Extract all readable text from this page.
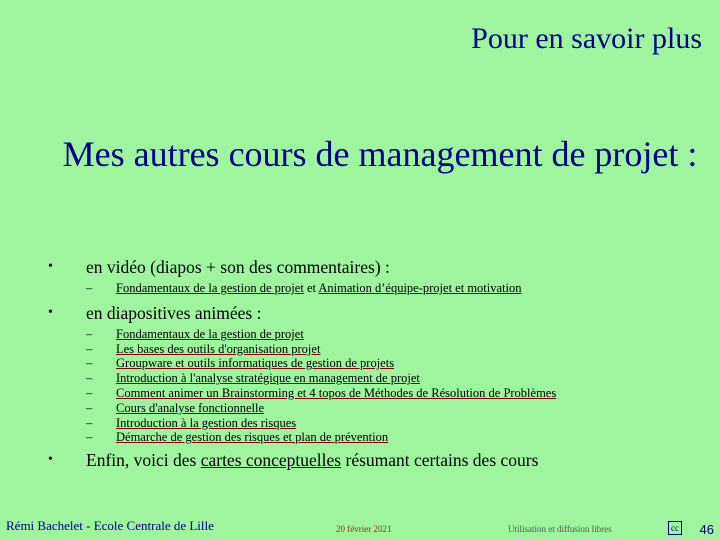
Pour en savoir plus
Mes autres cours de management de projet :
• en vidéo (diapos + son des commentaires) :
– Fondamentaux de la gestion de projet et Animation d’équipe-projet et motivation
• en diapositives animées :
– Fondamentaux de la gestion de projet
– Les bases des outils d'organisation projet
– Groupware et outils informatiques de gestion de projets
– Introduction à l'analyse stratégique en management de projet
– Comment animer un Brainstorming et 4 topos de Méthodes de Résolution de Problèmes
– Cours d'analyse fonctionnelle
– Introduction à la gestion des risques
– Démarche de gestion des risques et plan de prévention
• Enfin, voici des cartes conceptuelles résumant certains des cours
Rémi Bachelet - Ecole Centrale de Lille	20 février 2021	Utilisation et diffusion libres	cc 46
